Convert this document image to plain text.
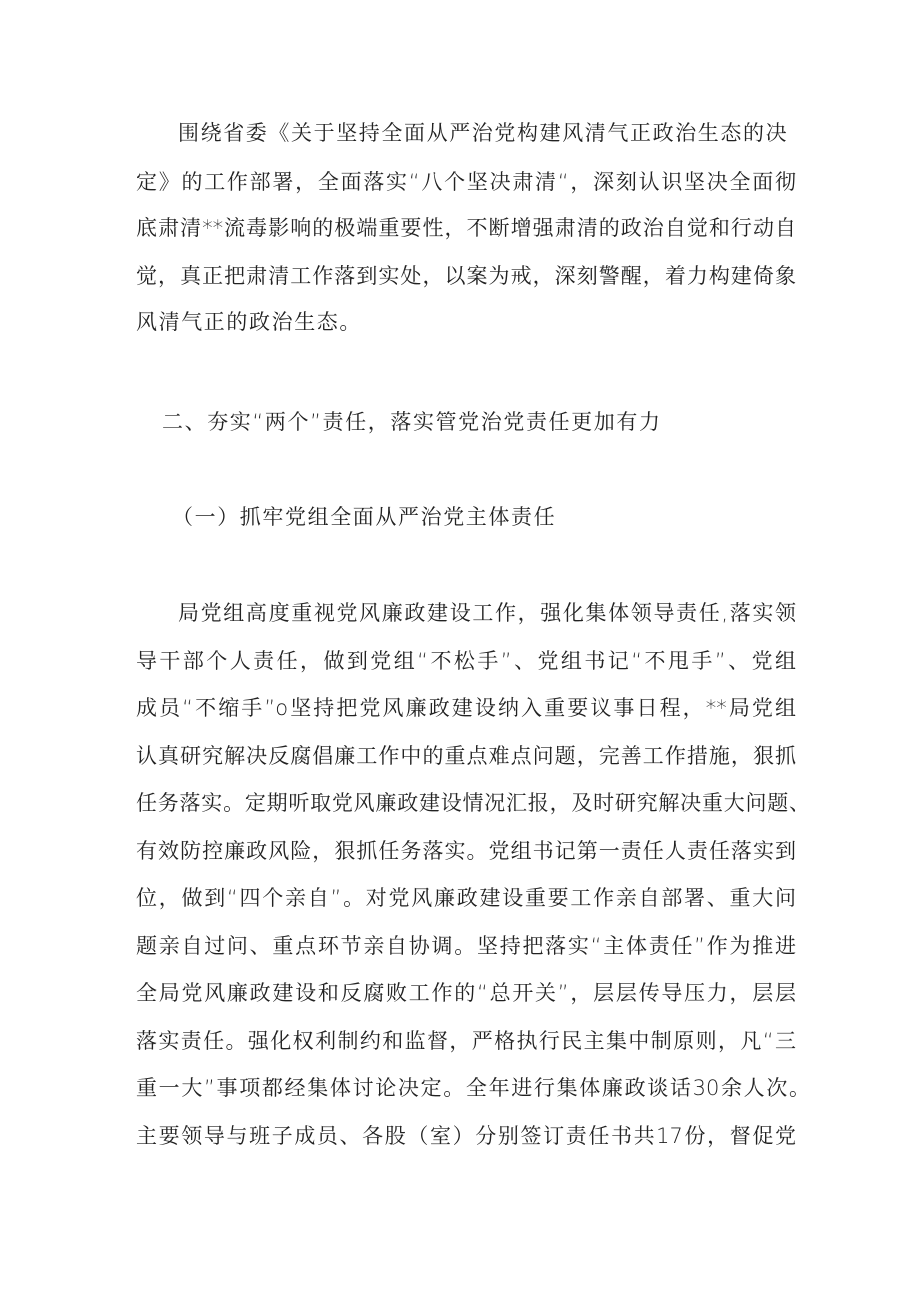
围绕省委《关于坚持全面从严治党构建风清气正政治生态的决
定》的工作部署，全面落实“八个坚决肃清“，深刻认识坚决全面彻
底肃清**流毒影响的极端重要性，不断增强肃清的政治自觉和行动自
觉，真正把肃清工作落到实处，以案为戒，深刻警醒，着力构建倚象
风清气正的政治生态。
二、夯实“两个”责任，落实管党治党责任更加有力
（一）抓牢党组全面从严治党主体责任
局党组高度重视党风廉政建设工作，强化集体领导责任,落实领
导干部个人责任，做到党组“不松手”、党组书记“不甩手”、党组
成员“不缩手”o坚持把党风廉政建设纳入重要议事日程，**局党组
认真研究解决反腐倡廉工作中的重点难点问题，完善工作措施，狠抓
任务落实。定期听取党风廉政建设情况汇报，及时研究解决重大问题、
有效防控廉政风险，狠抓任务落实。党组书记第一责任人责任落实到
位，做到“四个亲自”。对党风廉政建设重要工作亲自部署、重大问
题亲自过问、重点环节亲自协调。坚持把落实“主体责任”作为推进
全局党风廉政建设和反腐败工作的“总开关”，层层传导压力，层层
落实责任。强化权利制约和监督，严格执行民主集中制原则，凡“三
重一大”事项都经集体讨论决定。全年进行集体廉政谈话30余人次。
主要领导与班子成员、各股（室）分别签订责任书共17份，督促党
